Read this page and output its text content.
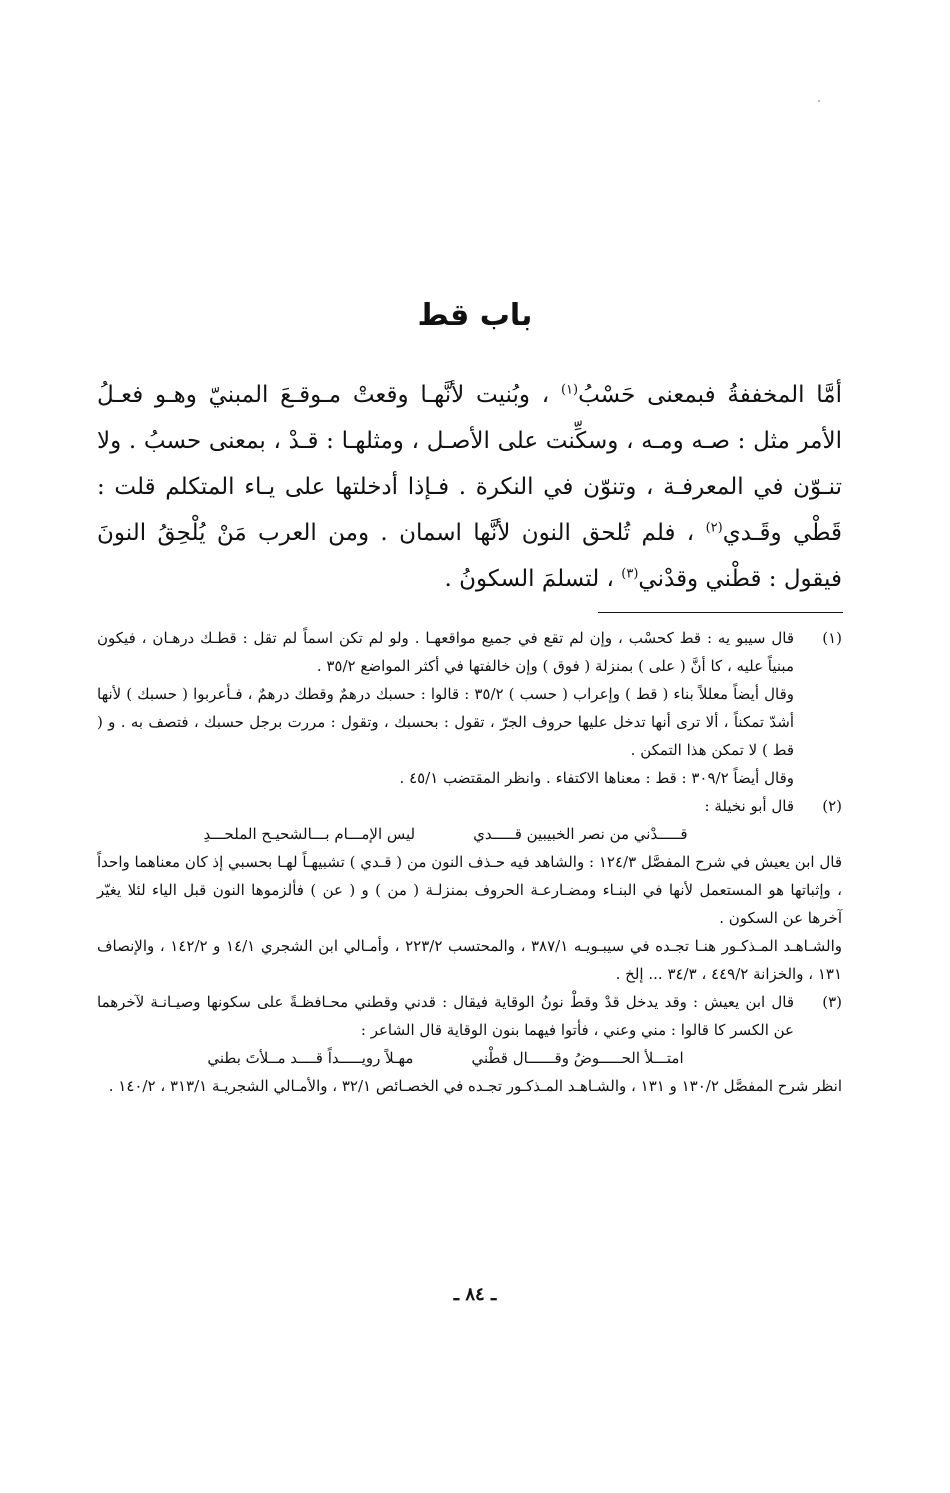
باب قط
أمَّا المخففةُ فبمعنى حَسْبُ$^{(١)}$ ، وبُنيت لأنَّهـا وقعتْ مـوقـعَ المبنيّ وهـو فعـلُ الأمر مثل : صـه ومـه ، وسكِّنت على الأصـل ، ومثلهـا : قـدْ ، بمعنى حسبُ . ولا تنـوّن في المعرفـة ، وتنوّن في النكرة . فـإذا أدخلتها على يـاء المتكلم قلت : قَطْي وقَـدي$^{(٢)}$ ، فلم تُلحق النون لأنَّها اسمان . ومن العرب مَنْ يُلْحِقُ النونَ فيقول : قطْني وقدْني$^{(٣)}$ ، لتسلمَ السكونُ .
(١)

قال سيبو يه : قط كحسْب ، وإن لم تقع في جميع مواقعهـا . ولو لم تكن اسماً لم تقل : قطـك درهـان ، فيكون مبنياً عليه ، كا أنَّ ( على ) بمنزلة ( فوق ) وإن خالفتها في أكثر المواضع ٣٥/٢ .

وقال أيضاً معللاً بناء ( قط ) وإعراب ( حسب ) ٣٥/٢ : قالوا : حسبك درهمٌ وقطك درهمٌ ، فـأعربوا ( حسبك ) لأنها أشدّ تمكناً ، ألا ترى أنها تدخل عليها حروف الجرّ ، تقول : بحسبك ، وتقول : مررت برجل حسبك ، فتصف به . و ( قط ) لا تمكن هذا التمكن .

وقال أيضاً ٣٠٩/٢ : قط : معناها الاكتفاء . وانظر المقتضب ٤٥/١ .

(٢)

قال أبو نخيلة :

قـــــدْني من نصر الخبيبين قـــــدي
ليس الإمـــام بـــالشحيـح الملحـــدِ

قال ابن يعيش في شرح المفصَّل ١٢٤/٣ : والشاهد فيه حـذف النون من ( قـدي ) تشبيهـاً لهـا بحسبي إذ كان معناهما واحداً ، وإثباتها هو المستعمل لأنها في البنـاء ومضـارعـة الحروف بمنزلـة ( من ) و ( عن ) فألزموها النون قبل الياء لئلا يغيّر آخرها عن السكون .

والشـاهـد المـذكـور هنـا تجـده في سيبـويـه ٣٨٧/١ ، والمحتسب ٢٢٣/٢ ، وأمـالي ابن الشجري ١٤/١ و ١٤٢/٢ ، والإنصاف ١٣١ ، والخزانة ٤٤٩/٢ ، ٣٤/٣ ... إلخ .

(٣)

قال ابن يعيش : وقد يدخل قدْ وقطْ نونُ الوقاية فيقال : قدني وقطني محـافظـةً على سكونها وصيـانـة لآخرهما عن الكسر كا قالوا : مني وعني ، فأتوا فيهما بنون الوقاية قال الشاعر :

امتـــلأ الحـــــوضُ وقــــــال قطْني
مهـلاً رويـــــداً قــــد مــلأتَ بطني

انظر شرح المفصَّل ١٣٠/٢ و ١٣١ ، والشـاهـد المـذكـور تجـده في الخصـائص ٣٢/١ ، والأمـالي الشجريـة ٣١٣/١ ، ١٤٠/٢ .

ـ ٨٤ ـ
